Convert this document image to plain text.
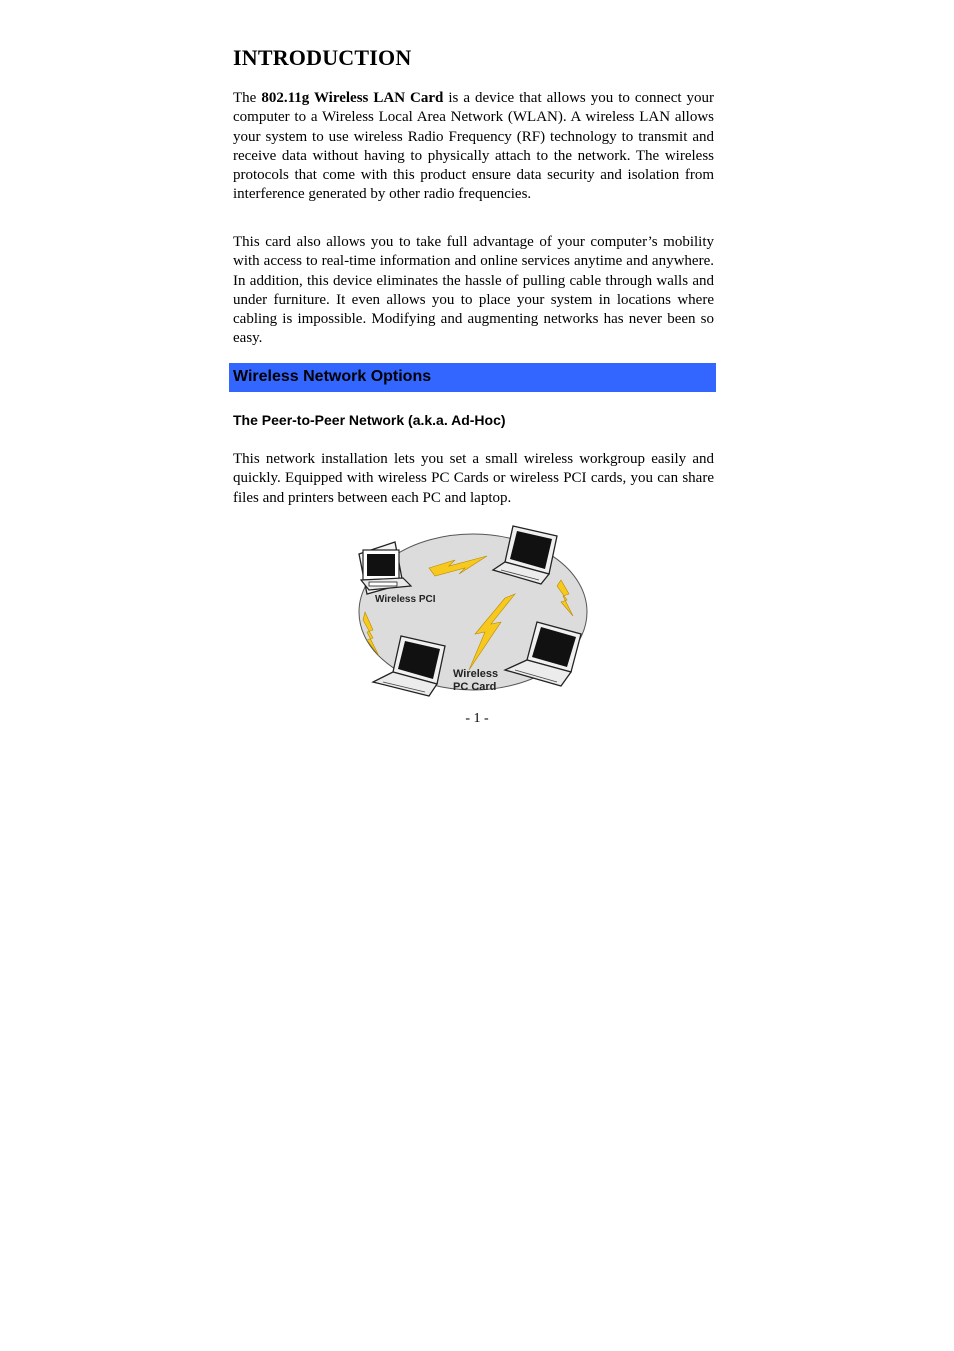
INTRODUCTION

The 802.11g Wireless LAN Card is a device that allows you to connect your computer to a Wireless Local Area Network (WLAN). A wireless LAN allows your system to use wireless Radio Frequency (RF) technology to transmit and receive data without having to physically attach to the network. The wireless protocols that come with this product ensure data security and isolation from interference generated by other radio frequencies.

This card also allows you to take full advantage of your computer’s mobility with access to real-time information and online services anytime and anywhere. In addition, this device eliminates the hassle of pulling cable through walls and under furniture. It even allows you to place your system in locations where cabling is impossible. Modifying and augmenting networks has never been so easy.

Wireless Network Options
The Peer-to-Peer Network (a.k.a. Ad-Hoc)

This network installation lets you set a small wireless workgroup easily and quickly. Equipped with wireless PC Cards or wireless PCI cards, you can share files and printers between each PC and laptop.

Wireless PCI
Wireless
PC Card
- 1 -
